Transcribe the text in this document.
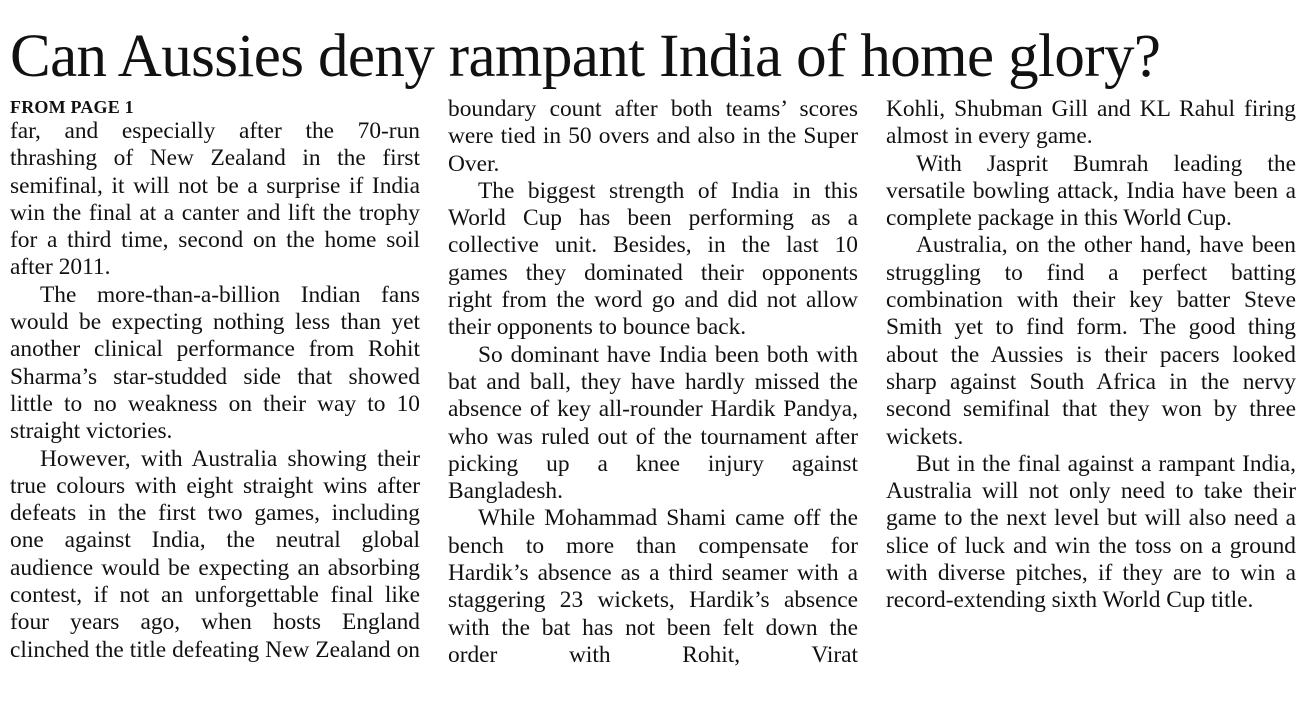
Can Aussies deny rampant India of home glory?
FROM PAGE 1

far, and especially after the 70-run thrashing of New Zealand in the first semifinal, it will not be a surprise if India win the final at a canter and lift the trophy for a third time, second on the home soil after 2011.

The more-than-a-billion Indian fans would be expecting nothing less than yet another clinical performance from Rohit Sharma’s star-studded side that showed little to no weakness on their way to 10 straight victories.

However, with Australia showing their true colours with eight straight wins after defeats in the first two games, including one against India, the neutral global audience would be expecting an absorbing contest, if not an unforgettable final like four years ago, when hosts England clinched the title defeating New Zealand on

boundary count after both teams’ scores were tied in 50 overs and also in the Super Over.

The biggest strength of India in this World Cup has been performing as a collective unit. Besides, in the last 10 games they dominated their opponents right from the word go and did not allow their opponents to bounce back.

So dominant have India been both with bat and ball, they have hardly missed the absence of key all-rounder Hardik Pandya, who was ruled out of the tournament after picking up a knee injury against Bangladesh.

While Mohammad Shami came off the bench to more than compensate for Hardik’s absence as a third seamer with a staggering 23 wickets, Hardik’s absence with the bat has not been felt down the order with Rohit, Virat

Kohli, Shubman Gill and KL Rahul firing almost in every game.

With Jasprit Bumrah leading the versatile bowling attack, India have been a complete package in this World Cup.

Australia, on the other hand, have been struggling to find a perfect batting combination with their key batter Steve Smith yet to find form. The good thing about the Aussies is their pacers looked sharp against South Africa in the nervy second semifinal that they won by three wickets.

But in the final against a rampant India, Australia will not only need to take their game to the next level but will also need a slice of luck and win the toss on a ground with diverse pitches, if they are to win a record-extending sixth World Cup title.
